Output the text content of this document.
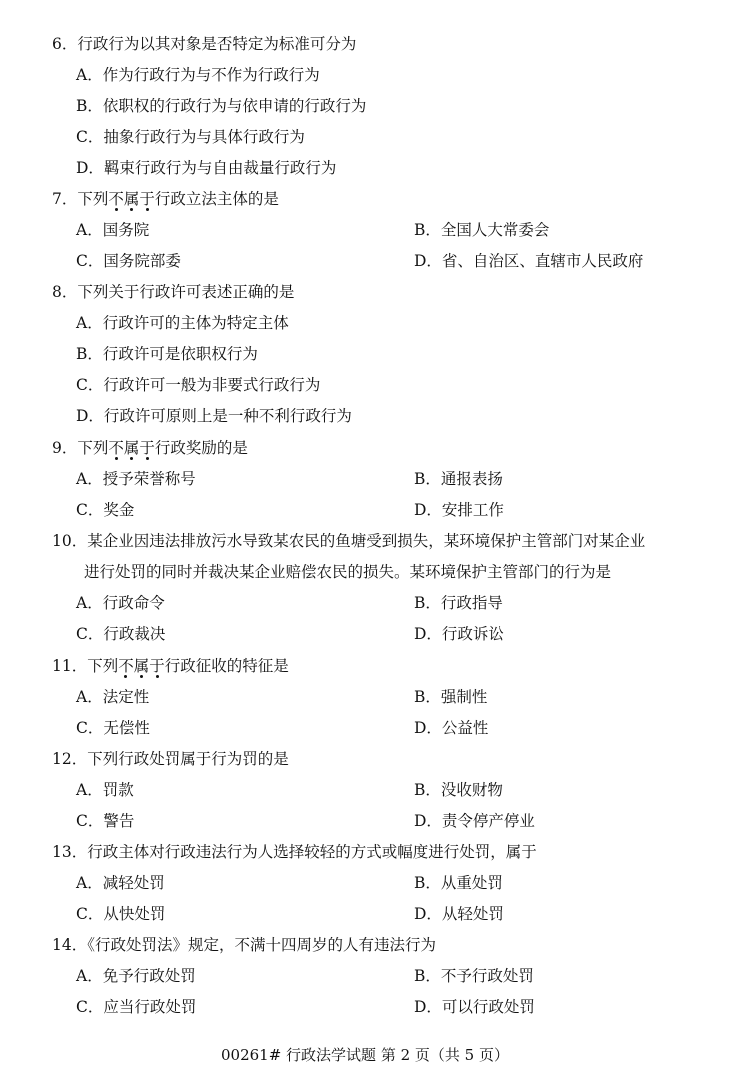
6．行政行为以其对象是否特定为标准可分为
A．作为行政行为与不作为行政行为
B．依职权的行政行为与依申请的行政行为
C．抽象行政行为与具体行政行为
D．羁束行政行为与自由裁量行政行为
7．下列不属于行政立法主体的是
A．国务院	B．全国人大常委会
C．国务院部委	D．省、自治区、直辖市人民政府
8．下列关于行政许可表述正确的是
A．行政许可的主体为特定主体
B．行政许可是依职权行为
C．行政许可一般为非要式行政行为
D．行政许可原则上是一种不利行政行为
9．下列不属于行政奖励的是
A．授予荣誉称号	B．通报表扬
C．奖金	D．安排工作
10．某企业因违法排放污水导致某农民的鱼塘受到损失，某环境保护主管部门对某企业
进行处罚的同时并裁决某企业赔偿农民的损失。某环境保护主管部门的行为是
A．行政命令	B．行政指导
C．行政裁决	D．行政诉讼
11．下列不属于行政征收的特征是
A．法定性	B．强制性
C．无偿性	D．公益性
12．下列行政处罚属于行为罚的是
A．罚款	B．没收财物
C．警告	D．责令停产停业
13．行政主体对行政违法行为人选择较轻的方式或幅度进行处罚，属于
A．减轻处罚	B．从重处罚
C．从快处罚	D．从轻处罚
14．《行政处罚法》规定，不满十四周岁的人有违法行为
A．免予行政处罚	B．不予行政处罚
C．应当行政处罚	D．可以行政处罚
00261# 行政法学试题 第 2 页（共 5 页）
